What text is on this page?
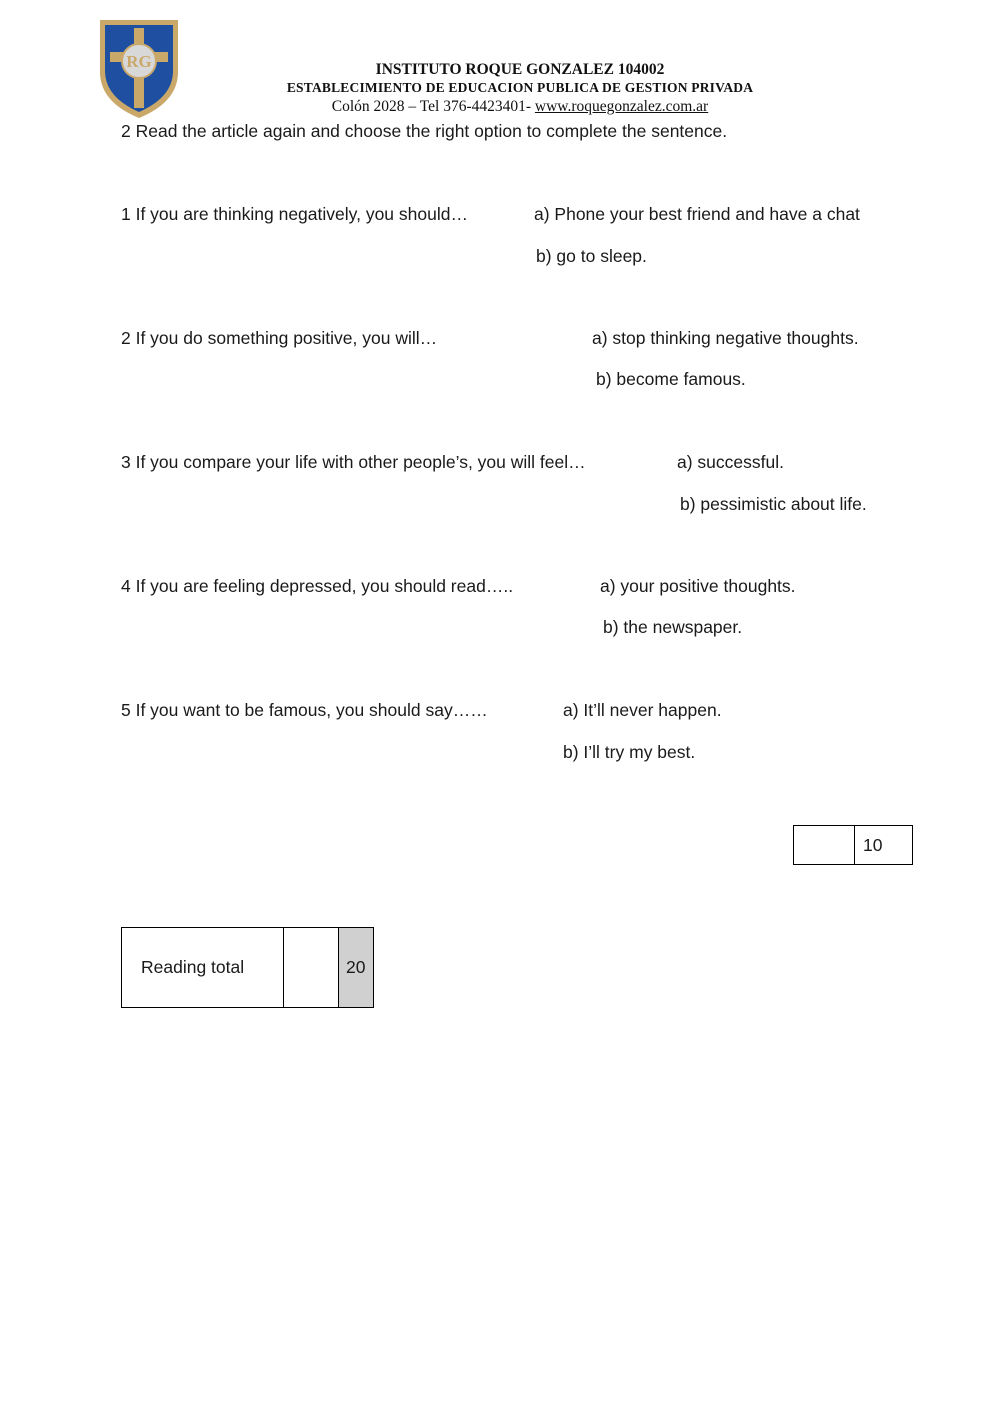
RG	INSTITUTO ROQUE GONZALEZ 104002
ESTABLECIMIENTO DE EDUCACION PUBLICA DE GESTION PRIVADA
Colón 2028 – Tel 376-4423401- www.roquegonzalez.com.ar
2 Read the article again and choose the right option to complete the sentence.
1 If you are thinking negatively, you should…	a) Phone your best friend and have a chat
b) go to sleep.
2 If you do something positive, you will…	a) stop thinking negative thoughts.
b) become famous.
3 If you compare your life with other people’s, you will feel…	a) successful.
b) pessimistic about life.
4 If you are feeling depressed, you should read…..	a) your positive thoughts.
b) the newspaper.
5 If you want to be famous, you should say……	a) It’ll never happen.
b) I’ll try my best.
	10
Reading total		20
